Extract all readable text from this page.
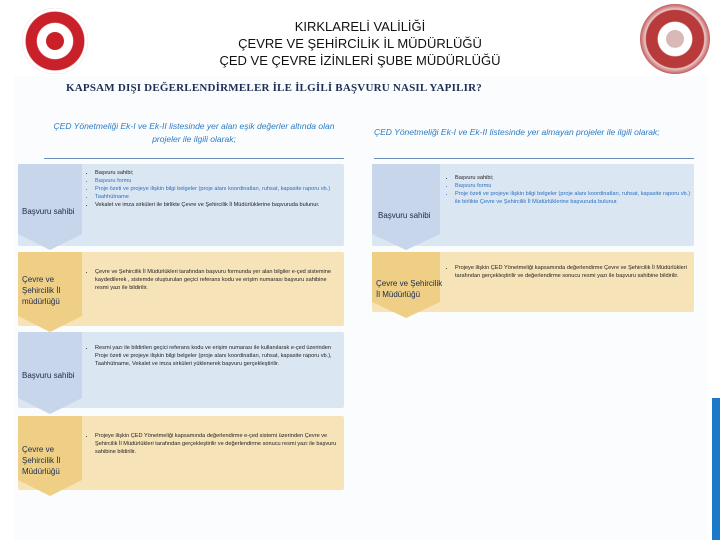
KIRKLARELİ VALİLİĞİ
ÇEVRE VE ŞEHİRCİLİK İL MÜDÜRLÜĞÜ
ÇED VE ÇEVRE İZİNLERİ ŞUBE MÜDÜRLÜĞÜ
1924
KAPSAM DIŞI DEĞERLENDİRMELER İLE İLGİLİ BAŞVURU NASIL YAPILIR?
ÇED Yönetmeliği Ek-I ve Ek-II listesinde yer alan eşik değerler altında olan projeler ile ilgili olarak;
ÇED Yönetmeliği Ek-I ve Ek-II listesinde yer almayan projeler ile ilgili olarak;
Başvuru sahibi
• Başvuru sahibi;
• Başvuru formu
• Proje özeti ve projeye ilişkin bilgi belgeler (proje alanı koordinatları, ruhsat, kapasite raporu vb.)
• Taahhütname
• Vekalet ve imza sirküleri ile birlikte Çevre ve Şehircilik İl Müdürlüklerine başvuruda bulunur.
Çevre ve Şehircilik İl müdürlüğü
• Çevre ve Şehircilik İl Müdürlükleri tarafından başvuru formunda yer alan bilgiler e-çed sistemine kaydedilerek , sistemde oluşturulan geçici referans kodu ve erişim numarası başvuru sahibine resmi yazı ile bildirilir.
Başvuru sahibi
• Resmi yazı ile bildirilen geçici referans kodu ve erişim numarası ile kullanılarak e-çed üzerinden Proje özeti ve projeye ilişkin bilgi belgeler (proje alanı koordinatları, ruhsat, kapasite raporu vb.), Taahhütname, Vekalet ve imza sirküleri yüklenerek başvuru gerçekleştirilir.
Çevre ve Şehircilik İl Müdürlüğü
• Projeye ilişkin ÇED Yönetmeliği kapsamında değerlendirme e-çed sistemi üzerinden Çevre ve Şehircilik İl Müdürlükleri tarafından gerçekleştirilir ve değerlendirme sonucu resmi yazı ile başvuru sahibine bildirilir.
Başvuru sahibi
• Başvuru sahibi;
• Başvuru formu
• Proje özeti ve projeye ilişkin bilgi belgeler (proje alanı koordinatları, ruhsat, kapasite raporu vb.) ile birlikte Çevre ve Şehircilik İl Müdürlüklerine başvuruda bulunur.
Çevre ve Şehircilik İl Müdürlüğü
• Projeye ilişkin ÇED Yönetmeliği kapsamında değerlendirme Çevre ve Şehircilik İl Müdürlükleri tarafından gerçekleştirilir ve değerlendirme sonucu resmi yazı ile başvuru sahibine bildirilir.
